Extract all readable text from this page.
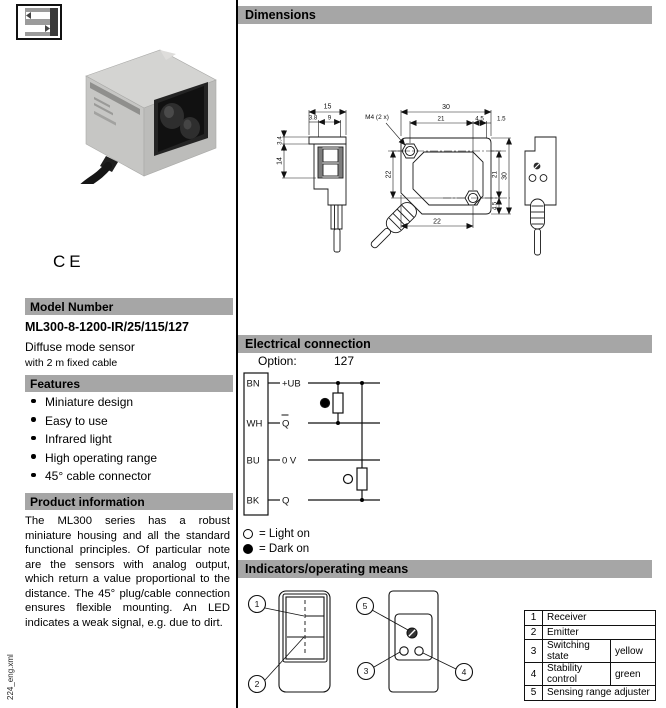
CE
Model Number
ML300-8-1200-IR/25/115/127
Diffuse mode sensor
with 2 m fixed cable
Features
Miniature design
Easy to use
Infrared light
High operating range
45° cable connector
Product information
The ML300 series has a robust miniature housing and all the standard functional principles. Of particular note are the sensors with analog output, which return a value proportional to the distance. The 45° plug/cable connection ensures flexible mounting. An LED indicates a weak signal, e.g. due to dirt.
224_eng.xml
Dimensions
15
3.8 9
3.4
14
M4 (2 x)
30
21	4.5 1.5
22	21 30
4.5
22
Electrical connection
Option:	127
BN
WH
BU
BK
+UB
Q
0 V
Q
= Light on
= Dark on
Indicators/operating means
1
2
5
3	4
1	Receiver	
2	Emitter	
3	Switching state	yellow
4	Stability control	green
5	Sensing range adjuster	
